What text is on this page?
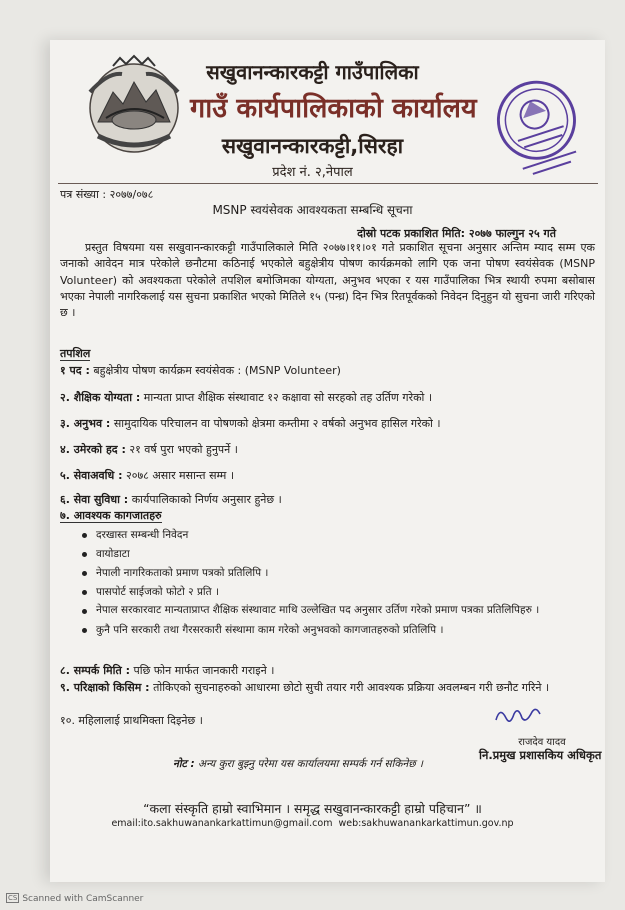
सखुवानन्कारकट्टी गाउँपालिका
गाउँ कार्यपालिकाको कार्यालय
सखुवानन्कारकट्टी,सिरहा
प्रदेश नं. २,नेपाल
पत्र संख्या : २०७७/०७८
MSNP स्वयंसेवक आवश्यकता सम्बन्धि सूचना
दोस्रो पटक प्रकाशित मिति: २०७७ फाल्गुन २५ गते
प्रस्तुत विषयमा यस सखुवानन्कारकट्टी गाउँपालिकाले मिति २०७७।११।०१ गते प्रकाशित सूचना अनुसार अन्तिम म्याद सम्म एक जनाको आवेदन मात्र परेकोले छनौटमा कठिनाई भएकोले बहुक्षेत्रीय पोषण कार्यक्रमको लागि एक जना पोषण स्वयंसेवक (MSNP Volunteer) को अवश्यकता परेकोले तपशिल बमोजिमका योग्यता, अनुभव भएका र यस गाउँपालिका भित्र स्थायी रुपमा बसोबास भएका नेपाली नागरिकलाई यस सुचना प्रकाशित भएको मितिले १५ (पन्ध्र) दिन भित्र रितपूर्वकको निवेदन दिनुहुन यो सुचना जारी गरिएको छ ।
तपशिल
१ पद : बहुक्षेत्रीय पोषण कार्यक्रम स्वयंसेवक : (MSNP Volunteer)
२. शैक्षिक योग्यता : मान्यता प्राप्त शैक्षिक संस्थावाट १२ कक्षावा सो सरहको तह उर्तिण गरेको ।
३. अनुभव : सामुदायिक परिचालन वा पोषणको क्षेत्रमा कम्तीमा २ वर्षको अनुभव हासिल गरेको ।
४. उमेरको हद : २१ वर्ष पुरा भएको हुनुपर्ने ।
५. सेवाअवधि : २०७८ असार मसान्त सम्म ।
६. सेवा सुविधा : कार्यपालिकाको निर्णय अनुसार हुनेछ ।
७. आवश्यक कागजातहरु
दरखास्त सम्बन्धी निवेदन
वायोडाटा
नेपाली नागरिकताको प्रमाण पत्रको प्रतिलिपि ।
पासपोर्ट साईजको फोटो २ प्रति ।
नेपाल सरकारवाट मान्यताप्राप्त शैक्षिक संस्थावाट माथि उल्लेखित पद अनुसार उर्तिण गरेको प्रमाण पत्रका प्रतिलिपिहरु ।
कुनै पनि सरकारी तथा गैरसरकारी संस्थामा काम गरेको अनुभवको कागजातहरुको प्रतिलिपि ।
८. सम्पर्क मिति : पछि फोन मार्फत जानकारी गराइने ।
९. परिक्षाको किसिम : तोकिएको सुचनाहरुको आधारमा छोटो सुची तयार गरी आवश्यक प्रक्रिया अवलम्बन गरी छनौट गरिने ।
१०. महिलालाई प्राथमिक्ता दिइनेछ ।
राजदेव यादव
नि.प्रमुख प्रशासकिय अधिकृत
नोट : अन्य कुरा बुझ्नु परेमा यस कार्यालयमा सम्पर्क गर्न सकिनेछ ।
“कला संस्कृति हाम्रो स्वाभिमान । समृद्ध सखुवानन्कारकट्टी हाम्रो पहिचान” ॥
email:ito.sakhuwanankarkattimun@gmail.com web:sakhuwanankarkattimun.gov.np
CS Scanned with CamScanner
